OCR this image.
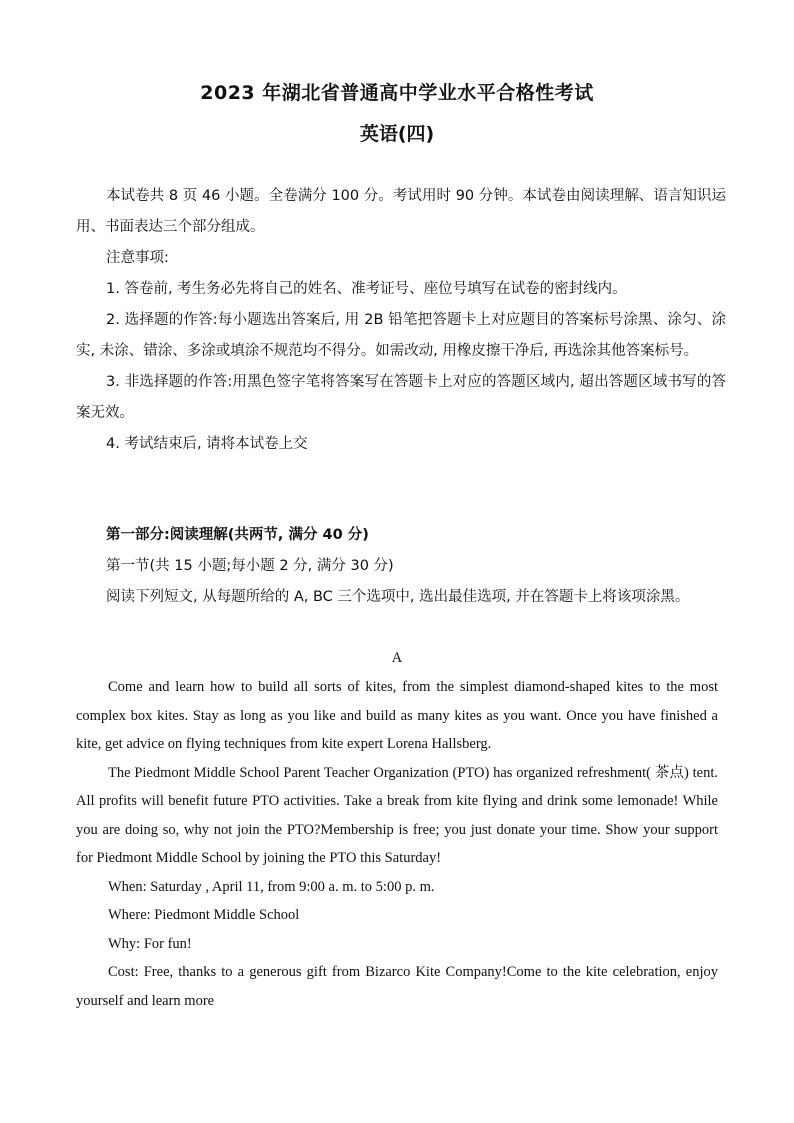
2023 年湖北省普通高中学业水平合格性考试
英语(四)

本试卷共 8 页 46 小题。全卷满分 100 分。考试用时 90 分钟。本试卷由阅读理解、语言知识运用、书面表达三个部分组成。

注意事项:

1. 答卷前, 考生务必先将自己的姓名、准考证号、座位号填写在试卷的密封线内。

2. 选择题的作答:每小题选出答案后, 用 2B 铅笔把答题卡上对应题目的答案标号涂黑、涂匀、涂实, 未涂、错涂、多涂或填涂不规范均不得分。如需改动, 用橡皮擦干净后, 再选涂其他答案标号。

3. 非选择题的作答:用黑色签字笔将答案写在答题卡上对应的答题区域内, 超出答题区域书写的答案无效。

4. 考试结束后, 请将本试卷上交

第一部分:阅读理解(共两节, 满分 40 分)

第一节(共 15 小题;每小题 2 分, 满分 30 分)

阅读下列短文, 从每题所给的 A, BC 三个选项中, 选出最佳选项, 并在答题卡上将该项涂黑。

A

Come and learn how to build all sorts of kites, from the simplest diamond-shaped kites to the most complex box kites. Stay as long as you like and build as many kites as you want. Once you have finished a kite, get advice on flying techniques from kite expert Lorena Hallsberg.

The Piedmont Middle School Parent Teacher Organization (PTO) has organized refreshment( 茶点) tent. All profits will benefit future PTO activities. Take a break from kite flying and drink some lemonade! While you are doing so, why not join the PTO?Membership is free; you just donate your time. Show your support for Piedmont Middle School by joining the PTO this Saturday!

When: Saturday , April 11, from 9:00 a. m. to 5:00 p. m.

Where: Piedmont Middle School

Why: For fun!

Cost: Free, thanks to a generous gift from Bizarco Kite Company!Come to the kite celebration, enjoy yourself and learn more
